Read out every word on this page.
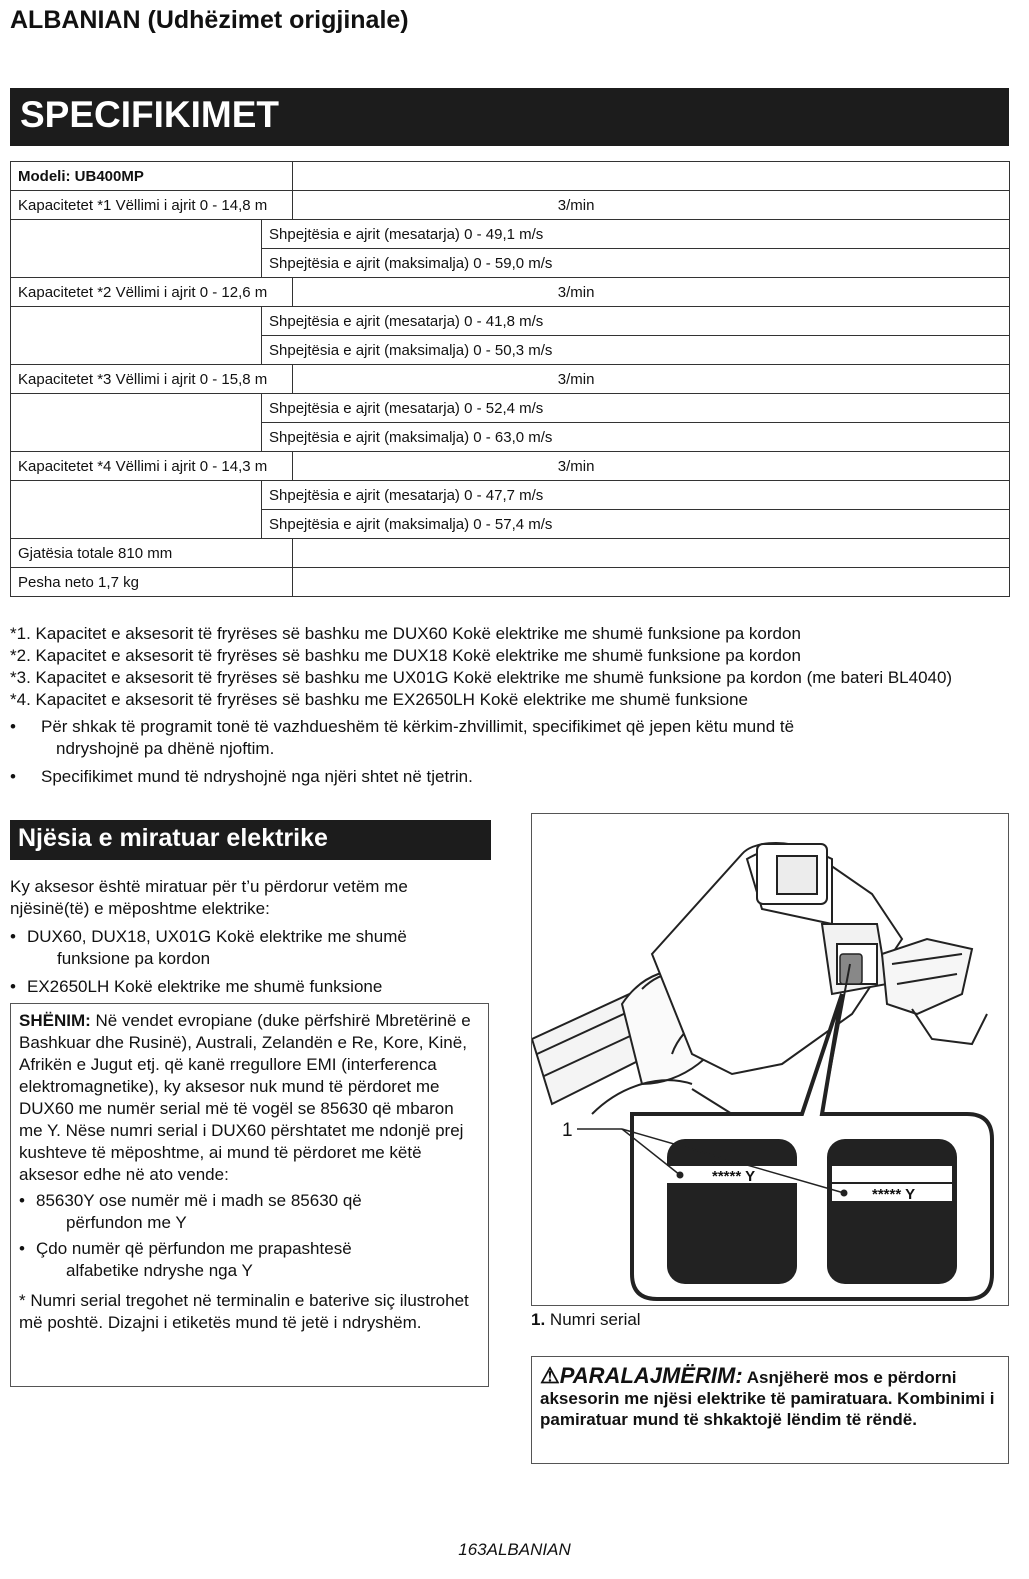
ALBANIAN (Udhëzimet origjinale)
SPECIFIKIMET
Modeli: UB400MP		
Kapacitetet *1 Vëllimi i ajrit 0 - 14,8 m		3/min
	Shpejtësia e ajrit (mesatarja) 0 - 49,1 m/s	
	Shpejtësia e ajrit (maksimalja) 0 - 59,0 m/s	
Kapacitetet *2 Vëllimi i ajrit 0 - 12,6 m		3/min
	Shpejtësia e ajrit (mesatarja) 0 - 41,8 m/s	
	Shpejtësia e ajrit (maksimalja) 0 - 50,3 m/s	
Kapacitetet *3 Vëllimi i ajrit 0 - 15,8 m		3/min
	Shpejtësia e ajrit (mesatarja) 0 - 52,4 m/s	
	Shpejtësia e ajrit (maksimalja) 0 - 63,0 m/s	
Kapacitetet *4 Vëllimi i ajrit 0 - 14,3 m		3/min
	Shpejtësia e ajrit (mesatarja) 0 - 47,7 m/s	
	Shpejtësia e ajrit (maksimalja) 0 - 57,4 m/s	
Gjatësia totale 810 mm		
Pesha neto 1,7 kg		
*1. Kapacitet e aksesorit të fryrëses së bashku me DUX60 Kokë elektrike me shumë funksione pa kordon
*2. Kapacitet e aksesorit të fryrëses së bashku me DUX18 Kokë elektrike me shumë funksione pa kordon
*3. Kapacitet e aksesorit të fryrëses së bashku me UX01G Kokë elektrike me shumë funksione pa kordon (me bateri BL4040)
*4. Kapacitet e aksesorit të fryrëses së bashku me EX2650LH Kokë elektrike me shumë funksione
• Për shkak të programit tonë të vazhdueshëm të kërkim-zhvillimit, specifikimet që jepen këtu mund të
ndryshojnë pa dhënë njoftim.
• Specifikimet mund të ndryshojnë nga njëri shtet në tjetrin.
Njësia e miratuar elektrike
Ky aksesor është miratuar për t’u përdorur vetëm me njësinë(të) e mëposhtme elektrike:
• DUX60, DUX18, UX01G Kokë elektrike me shumë
funksione pa kordon
• EX2650LH Kokë elektrike me shumë funksione
SHËNIM: Në vendet evropiane (duke përfshirë Mbretërinë e Bashkuar dhe Rusinë), Australi, Zelandën e Re, Kore, Kinë, Afrikën e Jugut etj. që kanë rregullore EMI (interferenca elektromagnetike), ky aksesor nuk mund të përdoret me DUX60 me numër serial më të vogël se 85630 që mbaron me Y. Nëse numri serial i DUX60 përshtatet me ndonjë prej kushteve të mëposhtme, ai mund të përdoret me këtë aksesor edhe në ato vende:
• 85630Y ose numër më i madh se 85630 që
përfundon me Y
• Çdo numër që përfundon me prapashtesë
alfabetike ndryshe nga Y
* Numri serial tregohet në terminalin e baterive siç ilustrohet më poshtë. Dizajni i etiketës mund të jetë i ndryshëm.
1
***** Y
***** Y
1. Numri serial
⚠PARALAJMËRIM: Asnjëherë mos e përdorni aksesorin me njësi elektrike të pamiratuara. Kombinimi i pamiratuar mund të shkaktojë lëndim të rëndë.
163ALBANIAN
